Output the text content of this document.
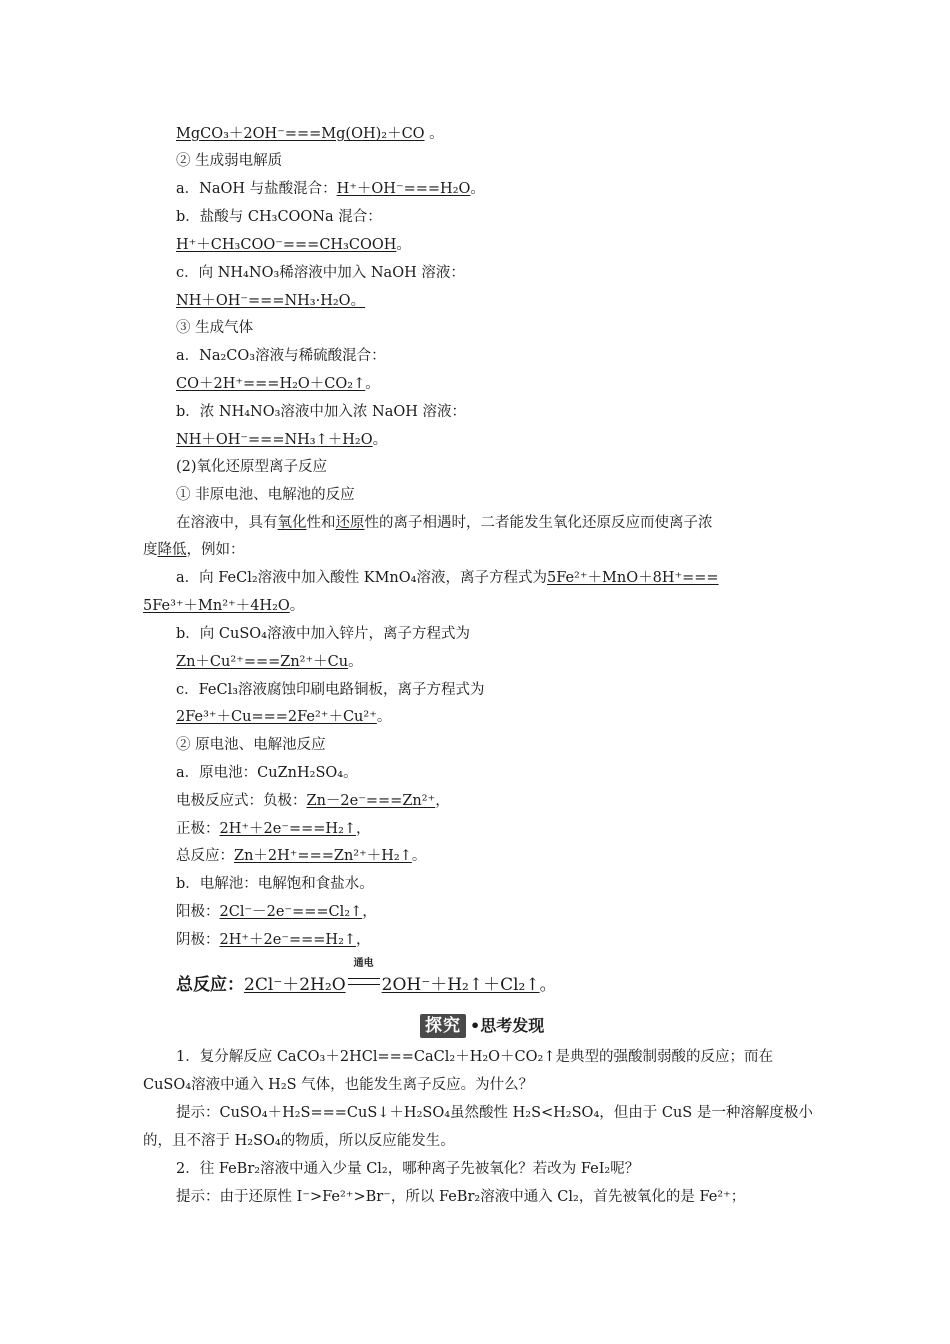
MgCO₃＋2OH⁻===Mg(OH)₂＋CO 。
② 生成弱电解质
a．NaOH 与盐酸混合：H⁺＋OH⁻===H₂O。
b．盐酸与 CH₃COONa 混合：
H⁺＋CH₃COO⁻===CH₃COOH。
c．向 NH₄NO₃稀溶液中加入 NaOH 溶液：
NH＋OH⁻===NH₃·H₂O。
③ 生成气体
a．Na₂CO₃溶液与稀硫酸混合：
CO＋2H⁺===H₂O＋CO₂↑。
b．浓 NH₄NO₃溶液中加入浓 NaOH 溶液：
NH＋OH⁻===NH₃↑＋H₂O。
(2)氧化还原型离子反应
① 非原电池、电解池的反应
在溶液中，具有氧化性和还原性的离子相遇时，二者能发生氧化还原反应而使离子浓
度降低，例如：
a．向 FeCl₂溶液中加入酸性 KMnO₄溶液，离子方程式为5Fe²⁺＋MnO＋8H⁺===
5Fe³⁺＋Mn²⁺＋4H₂O。
b．向 CuSO₄溶液中加入锌片，离子方程式为
Zn＋Cu²⁺===Zn²⁺＋Cu。
c．FeCl₃溶液腐蚀印刷电路铜板，离子方程式为
2Fe³⁺＋Cu===2Fe²⁺＋Cu²⁺。
② 原电池、电解池反应
a．原电池：CuZnH₂SO₄。
电极反应式：负极：Zn－2e⁻===Zn²⁺，
正极：2H⁺＋2e⁻===H₂↑，
总反应：Zn＋2H⁺===Zn²⁺＋H₂↑。
b．电解池：电解饱和食盐水。
阳极：2Cl⁻－2e⁻===Cl₂↑，
阴极：2H⁺＋2e⁻===H₂↑，
总反应：2Cl⁻＋2H₂O
通电
2OH⁻＋H₂↑＋Cl₂↑。
探究 •思考发现
1．复分解反应 CaCO₃＋2HCl===CaCl₂＋H₂O＋CO₂↑是典型的强酸制弱酸的反应；而在
CuSO₄溶液中通入 H₂S 气体，也能发生离子反应。为什么？
提示：CuSO₄＋H₂S===CuS↓＋H₂SO₄虽然酸性 H₂S<H₂SO₄，但由于 CuS 是一种溶解度极小
的，且不溶于 H₂SO₄的物质，所以反应能发生。
2．往 FeBr₂溶液中通入少量 Cl₂，哪种离子先被氧化？若改为 FeI₂呢？
提示：由于还原性 I⁻>Fe²⁺>Br⁻，所以 FeBr₂溶液中通入 Cl₂，首先被氧化的是 Fe²⁺；
